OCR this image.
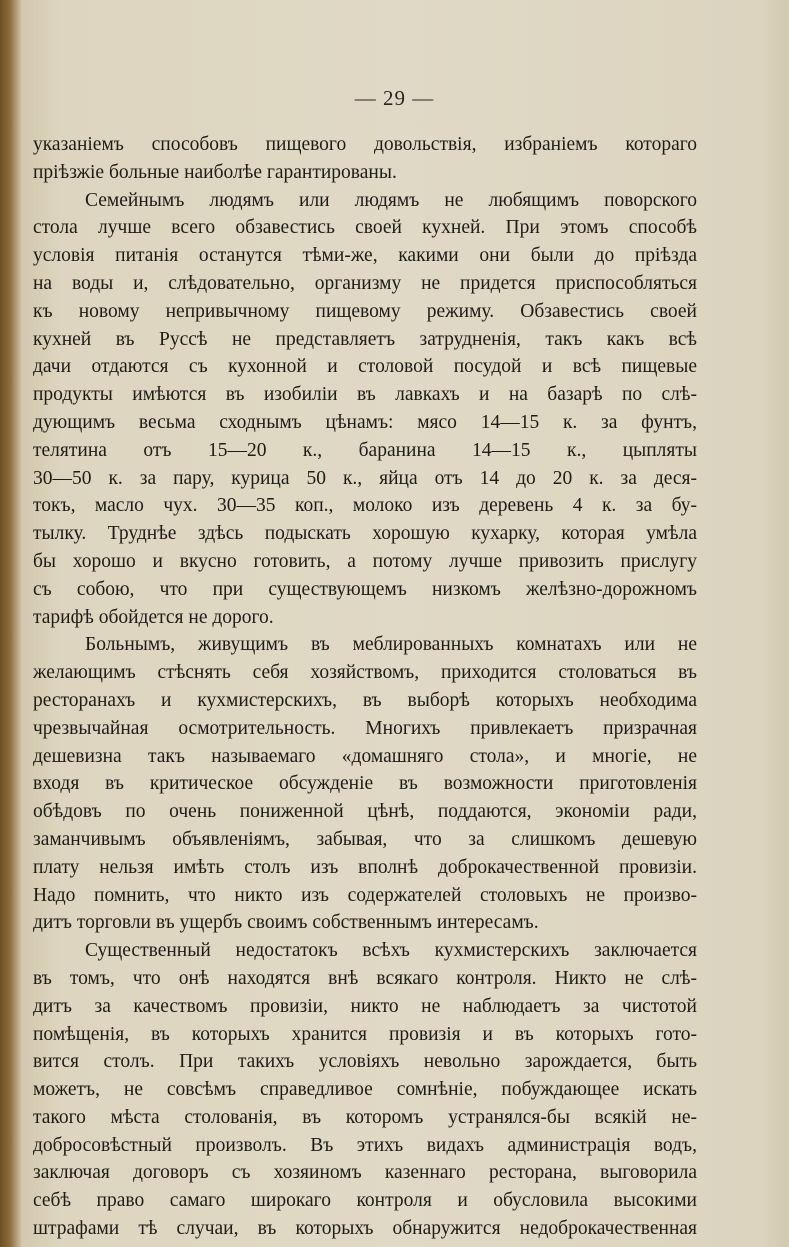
— 29 —
указаніемъ способовъ пищевого довольствія, избраніемъ котораго
пріѣзжіе больные наиболѣе гарантированы.
Семейнымъ людямъ или людямъ не любящимъ поворского
стола лучше всего обзавестись своей кухней. При этомъ способѣ
условія питанія останутся тѣми-же, какими они были до пріѣзда
на воды и, слѣдовательно, организму не придется приспособляться
къ новому непривычному пищевому режиму. Обзавестись своей
кухней въ Руссѣ не представляетъ затрудненія, такъ какъ всѣ
дачи отдаются съ кухонной и столовой посудой и всѣ пищевые
продукты имѣются въ изобиліи въ лавкахъ и на базарѣ по слѣ-
дующимъ весьма сходнымъ цѣнамъ: мясо 14—15 к. за фунтъ,
телятина отъ 15—20 к., баранина 14—15 к., цыпляты
30—50 к. за пару, курица 50 к., яйца отъ 14 до 20 к. за деся-
токъ, масло чух. 30—35 коп., молоко изъ деревень 4 к. за бу-
тылку. Труднѣе здѣсь подыскать хорошую кухарку, которая умѣла
бы хорошо и вкусно готовить, а потому лучше привозить прислугу
съ собою, что при существующемъ низкомъ желѣзно-дорожномъ
тарифѣ обойдется не дорого.
Больнымъ, живущимъ въ меблированныхъ комнатахъ или не
желающимъ стѣснять себя хозяйствомъ, приходится столоваться въ
ресторанахъ и кухмистерскихъ, въ выборѣ которыхъ необходима
чрезвычайная осмотрительность. Многихъ привлекаетъ призрачная
дешевизна такъ называемаго «домашняго стола», и многіе, не
входя въ критическое обсужденіе въ возможности приготовленія
обѣдовъ по очень пониженной цѣнѣ, поддаются, экономіи ради,
заманчивымъ объявленіямъ, забывая, что за слишкомъ дешевую
плату нельзя имѣть столъ изъ вполнѣ доброкачественной провизіи.
Надо помнить, что никто изъ содержателей столовыхъ не произво-
дитъ торговли въ ущербъ своимъ собственнымъ интересамъ.
Существенный недостатокъ всѣхъ кухмистерскихъ заключается
въ томъ, что онѣ находятся внѣ всякаго контроля. Никто не слѣ-
дитъ за качествомъ провизіи, никто не наблюдаетъ за чистотой
помѣщенія, въ которыхъ хранится провизія и въ которыхъ гото-
вится столъ. При такихъ условіяхъ невольно зарождается, быть
можетъ, не совсѣмъ справедливое сомнѣніе, побуждающее искать
такого мѣста столованія, въ которомъ устранялся-бы всякій не-
добросовѣстный произволъ. Въ этихъ видахъ администрація водъ,
заключая договоръ съ хозяиномъ казеннаго ресторана, выговорила
себѣ право самаго широкаго контроля и обусловила высокими
штрафами тѣ случаи, въ которыхъ обнаружится недоброкачественная
